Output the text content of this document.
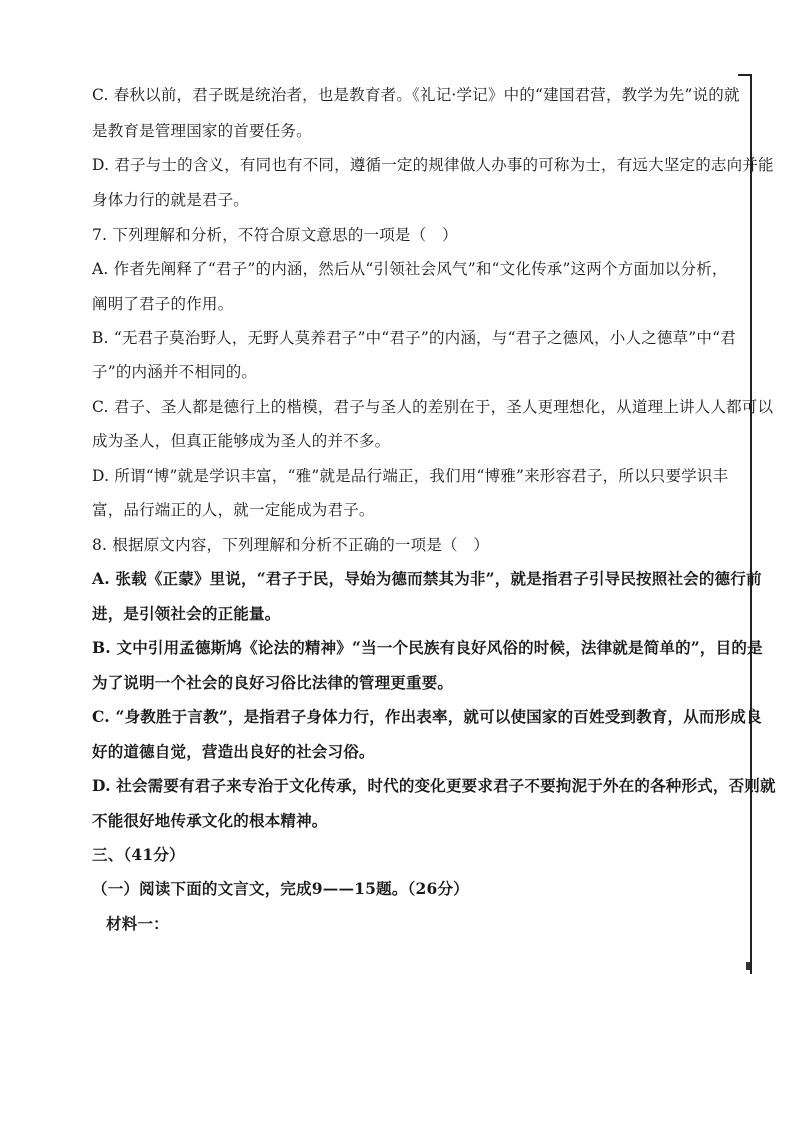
C. 春秋以前，君子既是统治者，也是教育者。《礼记·学记》中的“建国君营，教学为先”说的就
是教育是管理国家的首要任务。
D. 君子与士的含义，有同也有不同，遵循一定的规律做人办事的可称为士，有远大坚定的志向并能
身体力行的就是君子。
7. 下列理解和分析，不符合原文意思的一项是（　）
A. 作者先阐释了“君子”的内涵，然后从“引领社会风气”和“文化传承”这两个方面加以分析，
阐明了君子的作用。
B. “无君子莫治野人，无野人莫养君子”中“君子”的内涵，与“君子之德风，小人之德草”中“君
子”的内涵并不相同的。
C. 君子、圣人都是德行上的楷模，君子与圣人的差别在于，圣人更理想化，从道理上讲人人都可以
成为圣人，但真正能够成为圣人的并不多。
D. 所谓“博”就是学识丰富，“雅”就是品行端正，我们用“博雅”来形容君子，所以只要学识丰
富，品行端正的人，就一定能成为君子。
8. 根据原文内容，下列理解和分析不正确的一项是（　）
A. 张载《正蒙》里说，“君子于民，导始为德而禁其为非”，就是指君子引导民按照社会的德行前
进，是引领社会的正能量。
B. 文中引用孟德斯鸠《论法的精神》“当一个民族有良好风俗的时候，法律就是简单的”，目的是
为了说明一个社会的良好习俗比法律的管理更重要。
C. “身教胜于言教”，是指君子身体力行，作出表率，就可以使国家的百姓受到教育，从而形成良
好的道德自觉，营造出良好的社会习俗。
D. 社会需要有君子来专治于文化传承，时代的变化更要求君子不要拘泥于外在的各种形式，否则就
不能很好地传承文化的根本精神。
三、（41分）
（一）阅读下面的文言文，完成9——15题。（26分）
材料一：
